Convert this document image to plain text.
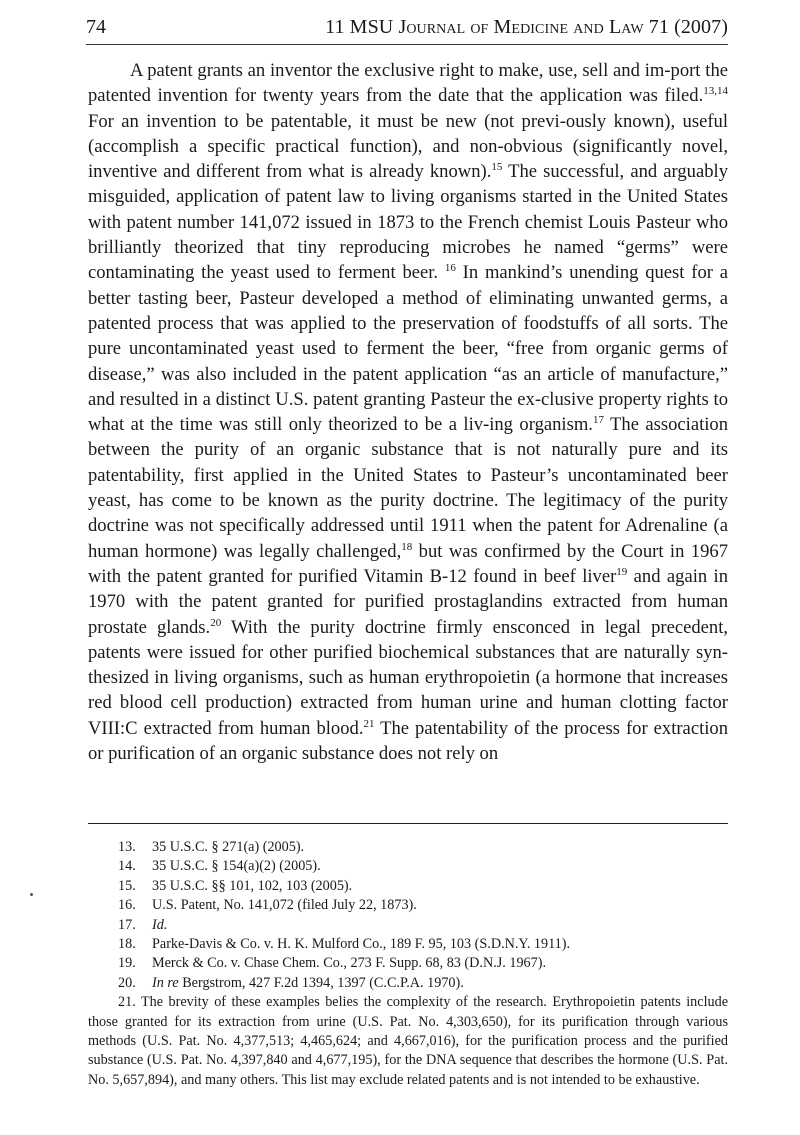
74	11 MSU Journal of Medicine and Law 71 (2007)

A patent grants an inventor the exclusive right to make, use, sell and im-port the patented invention for twenty years from the date that the application was filed.$^{13,14}$ For an invention to be patentable, it must be new (not previ-ously known), useful (accomplish a specific practical function), and non-obvious (significantly novel, inventive and different from what is already known).$^{15}$ The successful, and arguably misguided, application of patent law to living organisms started in the United States with patent number 141,072 issued in 1873 to the French chemist Louis Pasteur who brilliantly theorized that tiny reproducing microbes he named “germs” were contaminating the yeast used to ferment beer. $^{16}$ In mankind’s unending quest for a better tasting beer, Pasteur developed a method of eliminating unwanted germs, a patented process that was applied to the preservation of foodstuffs of all sorts. The pure uncontaminated yeast used to ferment the beer, “free from organic germs of disease,” was also included in the patent application “as an article of manufacture,” and resulted in a distinct U.S. patent granting Pasteur the ex-clusive property rights to what at the time was still only theorized to be a liv-ing organism.$^{17}$ The association between the purity of an organic substance that is not naturally pure and its patentability, first applied in the United States to Pasteur’s uncontaminated beer yeast, has come to be known as the purity doctrine. The legitimacy of the purity doctrine was not specifically addressed until 1911 when the patent for Adrenaline (a human hormone) was legally challenged,$^{18}$ but was confirmed by the Court in 1967 with the patent granted for purified Vitamin B-12 found in beef liver$^{19}$ and again in 1970 with the patent granted for purified prostaglandins extracted from human prostate glands.$^{20}$ With the purity doctrine firmly ensconced in legal precedent, patents were issued for other purified biochemical substances that are naturally syn-thesized in living organisms, such as human erythropoietin (a hormone that increases red blood cell production) extracted from human urine and human clotting factor VIII:C extracted from human blood.$^{21}$ The patentability of the process for extraction or purification of an organic substance does not rely on

13.	35 U.S.C. § 271(a) (2005).
14.	35 U.S.C. § 154(a)(2) (2005).
15.	35 U.S.C. §§ 101, 102, 103 (2005).
16.	U.S. Patent, No. 141,072 (filed July 22, 1873).
17.	Id.
18.	Parke-Davis & Co. v. H. K. Mulford Co., 189 F. 95, 103 (S.D.N.Y. 1911).
19.	Merck & Co. v. Chase Chem. Co., 273 F. Supp. 68, 83 (D.N.J. 1967).
20.	In re Bergstrom, 427 F.2d 1394, 1397 (C.C.P.A. 1970).
21. The brevity of these examples belies the complexity of the research. Erythropoietin patents include those granted for its extraction from urine (U.S. Pat. No. 4,303,650), for its purification through various methods (U.S. Pat. No. 4,377,513; 4,465,624; and 4,667,016), for the purification process and the purified substance (U.S. Pat. No. 4,397,840 and 4,677,195), for the DNA sequence that describes the hormone (U.S. Pat. No. 5,657,894), and many others. This list may exclude related patents and is not intended to be exhaustive.
